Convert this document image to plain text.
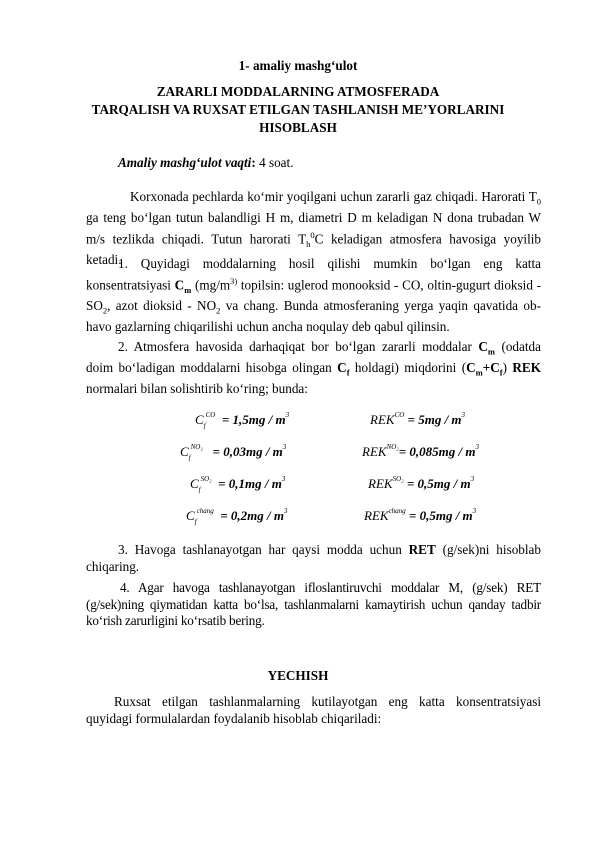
1- amaliy mashg‘ulot
ZARARLI MODDALARNING ATMOSFERADA
TARQALISH VA RUXSAT ETILGAN TASHLANISH ME’YORLARINI
HISOBLASH
Amaliy mashg‘ulot vaqti: 4 soat.
Korxonada pechlarda ko‘mir yoqilgani uchun zararli gaz chiqadi. Harorati $T_0$ ga teng bo‘lgan tutun balandligi H m, diametri D m keladigan N dona trubadan W m/s tezlikda chiqadi. Tutun harorati $T_h^0C$ keladigan atmosfera havosiga yoyilib ketadi.
1. Quyidagi moddalarning hosil qilishi mumkin bo‘lgan eng katta konsentratsiyasi $C_m$ ($mg/m^{3)}$ topilsin: uglerod monooksid - CO, oltin-gugurt dioksid - $SO_2$, azot dioksid - $NO_2$ va chang. Bunda atmosferaning yerga yaqin qavatida ob-havo gazlarning chiqarilishi uchun ancha noqulay deb qabul qilinsin.
2. Atmosfera havosida darhaqiqat bor bo‘lgan zararli moddalar $C_m$ (odatda doim bo‘ladigan moddalarni hisobga olingan $C_f$ holdagi) miqdorini $(C_m+C_f)$ REK normalari bilan solishtirib ko‘ring; bunda:
$C_f^{CO} = 1,5mg / m^3$	$REK^{CO} = 5mg / m^3$
$C_f^{NO_2} = 0,03mg / m^3$	$REK^{NO_2}= 0,085mg / m^3$
$C_f^{SO_2} = 0,1mg / m^3$	$REK^{SO_2} = 0,5mg / m^3$
$C_f^{chang} = 0,2mg / m^3$	$REK^{chang} = 0,5mg / m^3$
3. Havoga tashlanayotgan har qaysi modda uchun RET (g/sek)ni hisoblab chiqaring.
4. Agar havoga tashlanayotgan ifloslantiruvchi moddalar M, (g/sek) RET (g/sek)ning qiymatidan katta bo‘lsa, tashlanmalarni kamaytirish uchun qanday tadbir ko‘rish zarurligini ko‘rsatib bering.
YECHISH
Ruxsat etilgan tashlanmalarning kutilayotgan eng katta konsentratsiyasi quyidagi formulalardan foydalanib hisoblab chiqariladi:
